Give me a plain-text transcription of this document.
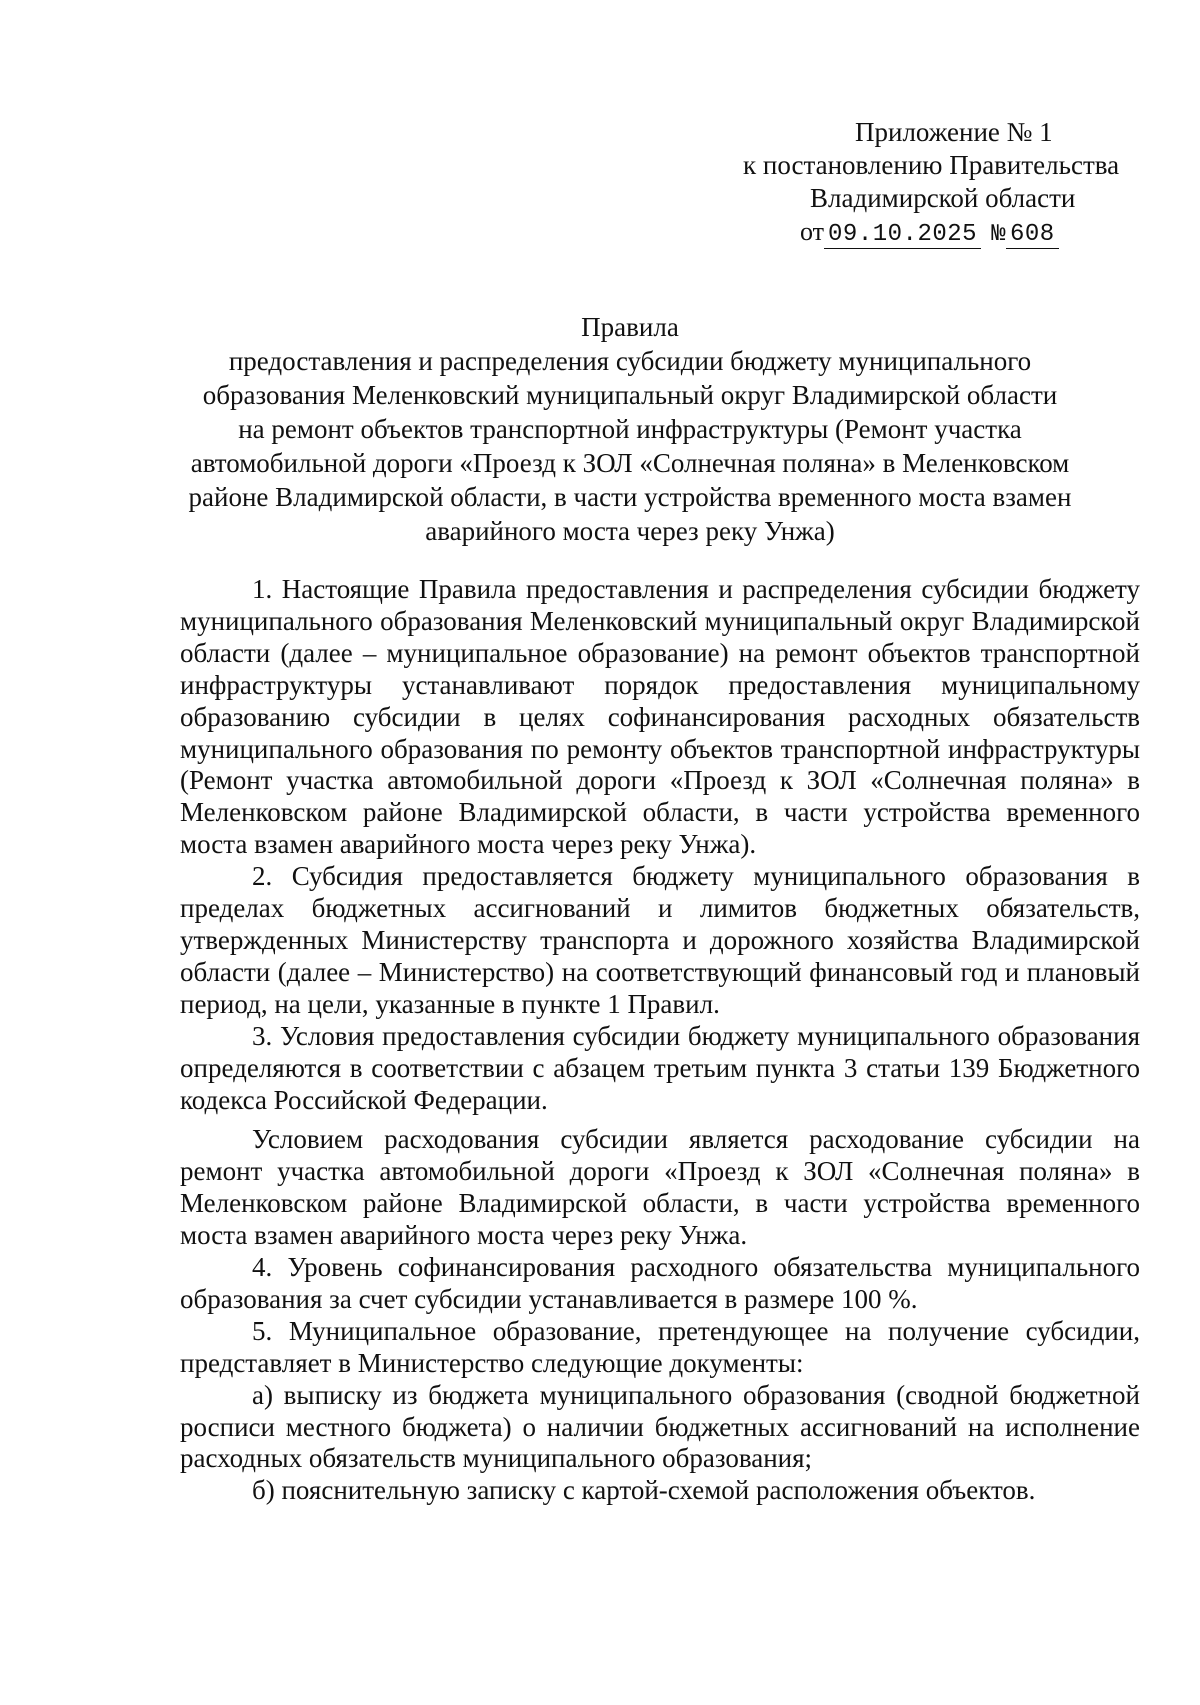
Приложение № 1
к постановлению Правительства
Владимирской области
от 09.10.2025 № 608
Правила
предоставления и распределения субсидии бюджету муниципального
образования Меленковский муниципальный округ Владимирской области
на ремонт объектов транспортной инфраструктуры (Ремонт участка
автомобильной дороги «Проезд к ЗОЛ «Солнечная поляна» в Меленковском
районе Владимирской области, в части устройства временного моста взамен
аварийного моста через реку Унжа)

1. Настоящие Правила предоставления и распределения субсидии бюджету муниципального образования Меленковский муниципальный округ Владимирской области (далее – муниципальное образование) на ремонт объектов транспортной инфраструктуры устанавливают порядок предоставления муниципальному образованию субсидии в целях софинансирования расходных обязательств муниципального образования по ремонту объектов транспортной инфраструктуры (Ремонт участка автомобильной дороги «Проезд к ЗОЛ «Солнечная поляна» в Меленковском районе Владимирской области, в части устройства временного моста взамен аварийного моста через реку Унжа).

2. Субсидия предоставляется бюджету муниципального образования в пределах бюджетных ассигнований и лимитов бюджетных обязательств, утвержденных Министерству транспорта и дорожного хозяйства Владимирской области (далее – Министерство) на соответствующий финансовый год и плановый период, на цели, указанные в пункте 1 Правил.

3. Условия предоставления субсидии бюджету муниципального образования определяются в соответствии с абзацем третьим пункта 3 статьи 139 Бюджетного кодекса Российской Федерации.

Условием расходования субсидии является расходование субсидии на ремонт участка автомобильной дороги «Проезд к ЗОЛ «Солнечная поляна» в Меленковском районе Владимирской области, в части устройства временного моста взамен аварийного моста через реку Унжа.

4. Уровень софинансирования расходного обязательства муниципального образования за счет субсидии устанавливается в размере 100 %.

5. Муниципальное образование, претендующее на получение субсидии, представляет в Министерство следующие документы:

а) выписку из бюджета муниципального образования (сводной бюджетной росписи местного бюджета) о наличии бюджетных ассигнований на исполнение расходных обязательств муниципального образования;

б) пояснительную записку с картой-схемой расположения объектов.
